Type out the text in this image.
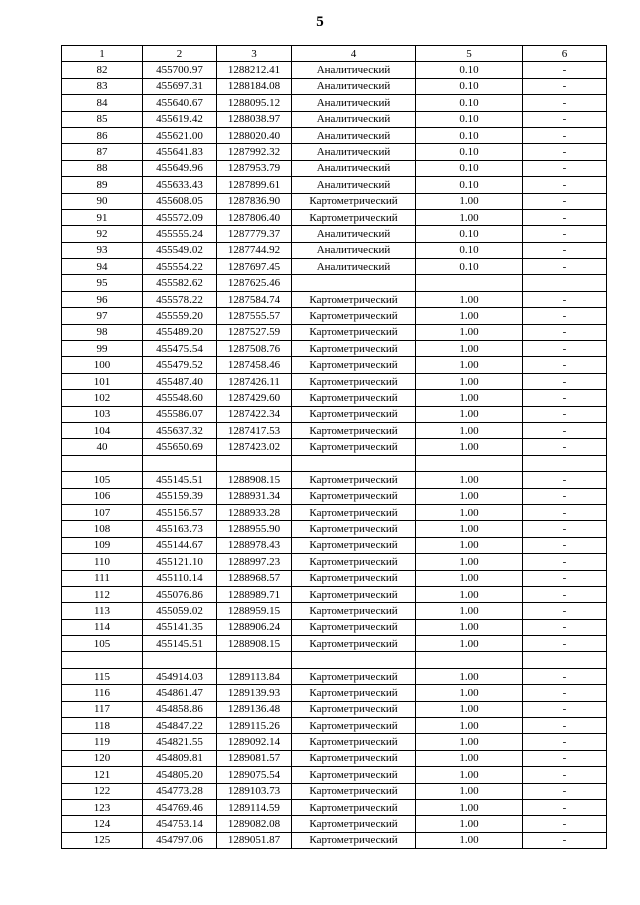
5
1	2	3	4	5	6
82	455700.97	1288212.41	Аналитический	0.10	-
83	455697.31	1288184.08	Аналитический	0.10	-
84	455640.67	1288095.12	Аналитический	0.10	-
85	455619.42	1288038.97	Аналитический	0.10	-
86	455621.00	1288020.40	Аналитический	0.10	-
87	455641.83	1287992.32	Аналитический	0.10	-
88	455649.96	1287953.79	Аналитический	0.10	-
89	455633.43	1287899.61	Аналитический	0.10	-
90	455608.05	1287836.90	Картометрический	1.00	-
91	455572.09	1287806.40	Картометрический	1.00	-
92	455555.24	1287779.37	Аналитический	0.10	-
93	455549.02	1287744.92	Аналитический	0.10	-
94	455554.22	1287697.45	Аналитический	0.10	-
95	455582.62	1287625.46			
96	455578.22	1287584.74	Картометрический	1.00	-
97	455559.20	1287555.57	Картометрический	1.00	-
98	455489.20	1287527.59	Картометрический	1.00	-
99	455475.54	1287508.76	Картометрический	1.00	-
100	455479.52	1287458.46	Картометрический	1.00	-
101	455487.40	1287426.11	Картометрический	1.00	-
102	455548.60	1287429.60	Картометрический	1.00	-
103	455586.07	1287422.34	Картометрический	1.00	-
104	455637.32	1287417.53	Картометрический	1.00	-
40	455650.69	1287423.02	Картометрический	1.00	-

105	455145.51	1288908.15	Картометрический	1.00	-
106	455159.39	1288931.34	Картометрический	1.00	-
107	455156.57	1288933.28	Картометрический	1.00	-
108	455163.73	1288955.90	Картометрический	1.00	-
109	455144.67	1288978.43	Картометрический	1.00	-
110	455121.10	1288997.23	Картометрический	1.00	-
111	455110.14	1288968.57	Картометрический	1.00	-
112	455076.86	1288989.71	Картометрический	1.00	-
113	455059.02	1288959.15	Картометрический	1.00	-
114	455141.35	1288906.24	Картометрический	1.00	-
105	455145.51	1288908.15	Картометрический	1.00	-

115	454914.03	1289113.84	Картометрический	1.00	-
116	454861.47	1289139.93	Картометрический	1.00	-
117	454858.86	1289136.48	Картометрический	1.00	-
118	454847.22	1289115.26	Картометрический	1.00	-
119	454821.55	1289092.14	Картометрический	1.00	-
120	454809.81	1289081.57	Картометрический	1.00	-
121	454805.20	1289075.54	Картометрический	1.00	-
122	454773.28	1289103.73	Картометрический	1.00	-
123	454769.46	1289114.59	Картометрический	1.00	-
124	454753.14	1289082.08	Картометрический	1.00	-
125	454797.06	1289051.87	Картометрический	1.00	-
